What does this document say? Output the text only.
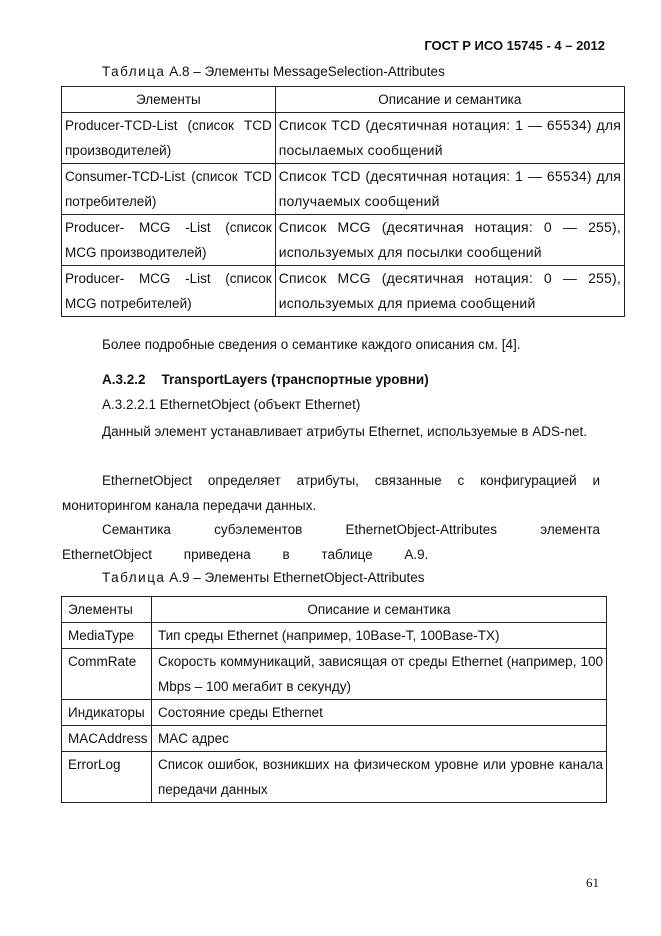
ГОСТ Р ИСО 15745 - 4 – 2012
Таблица А.8 – Элементы MessageSelection-Attributes
Элементы	Описание и семантика
Producer-TCD-List (список TCD производителей)	Список TCD (десятичная нотация: 1 — 65534) для посылаемых сообщений
Consumer-TCD-List (список TCD потребителей)	Список TCD (десятичная нотация: 1 — 65534) для получаемых сообщений
Producer- MCG -List (список MCG производителей)	Список MCG (десятичная нотация: 0 — 255), используемых для посылки сообщений
Producer- MCG -List (список MCG потребителей)	Список MCG (десятичная нотация: 0 — 255), используемых для приема сообщений
Более подробные сведения о семантике каждого описания см. [4].
A.3.2.2 TransportLayers (транспортные уровни)
A.3.2.2.1 EthernetObject (объект Ethernet)
Данный элемент устанавливает атрибуты Ethernet, используемые в ADS-net.
EthernetObject определяет атрибуты, связанные с конфигурацией и мониторингом канала передачи данных.
Семантика субэлементов EthernetObject-Attributes элемента EthernetObject приведена в таблице А.9.
Таблица А.9 – Элементы EthernetObject-Attributes
Элементы	Описание и семантика
MediaType	Тип среды Ethernet (например, 10Base-T, 100Base-TX)
CommRate	Скорость коммуникаций, зависящая от среды Ethernet (например, 100 Mbps – 100 мегабит в секунду)
Индикаторы	Состояние среды Ethernet
MACAddress	MAC адрес
ErrorLog	Список ошибок, возникших на физическом уровне или уровне канала передачи данных
61
